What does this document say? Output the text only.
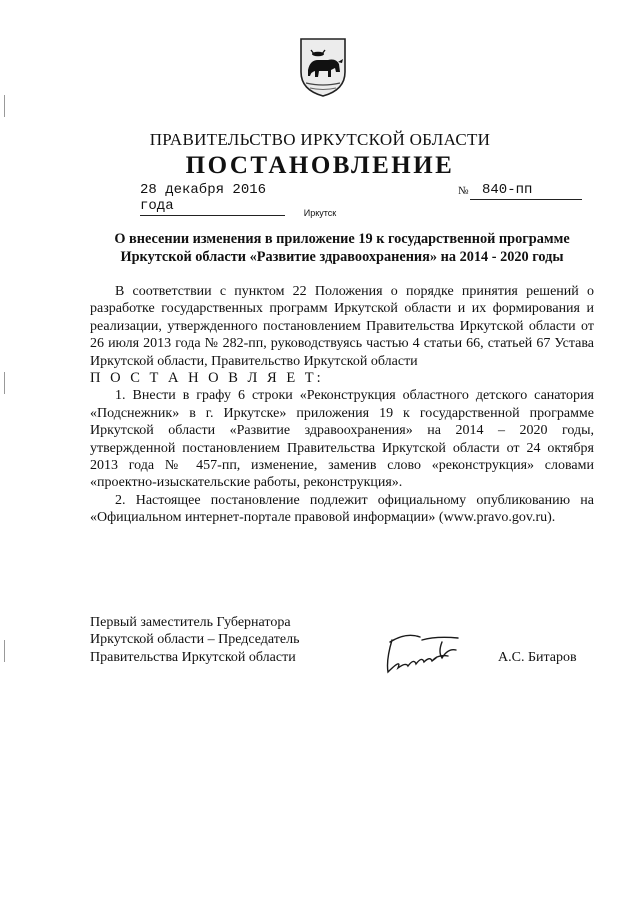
ПРАВИТЕЛЬСТВО ИРКУТСКОЙ ОБЛАСТИ
ПОСТАНОВЛЕНИЕ
28 декабря 2016 года
№ 840-пп
Иркутск
О внесении изменения в приложение 19 к государственной программе Иркутской области «Развитие здравоохранения» на 2014 - 2020 годы

В соответствии с пунктом 22 Положения о порядке принятия решений о разработке государственных программ Иркутской области и их формирования и реализации, утвержденного постановлением Правительства Иркутской области от 26 июля 2013 года № 282-пп, руководствуясь частью 4 статьи 66, статьей 67 Устава Иркутской области, Правительство Иркутской области

П О С Т А Н О В Л Я Е Т:

1. Внести в графу 6 строки «Реконструкция областного детского санатория «Подснежник» в г. Иркутске» приложения 19 к государственной программе Иркутской области «Развитие здравоохранения» на 2014 – 2020 годы, утвержденной постановлением Правительства Иркутской области от 24 октября 2013 года № 457-пп, изменение, заменив слово «реконструкция» словами «проектно-изыскательские работы, реконструкция».

2. Настоящее постановление подлежит официальному опубликованию на «Официальном интернет-портале правовой информации» (www.pravo.gov.ru).

Первый заместитель Губернатора
Иркутской области – Председатель
Правительства Иркутской области	А.С. Битаров
